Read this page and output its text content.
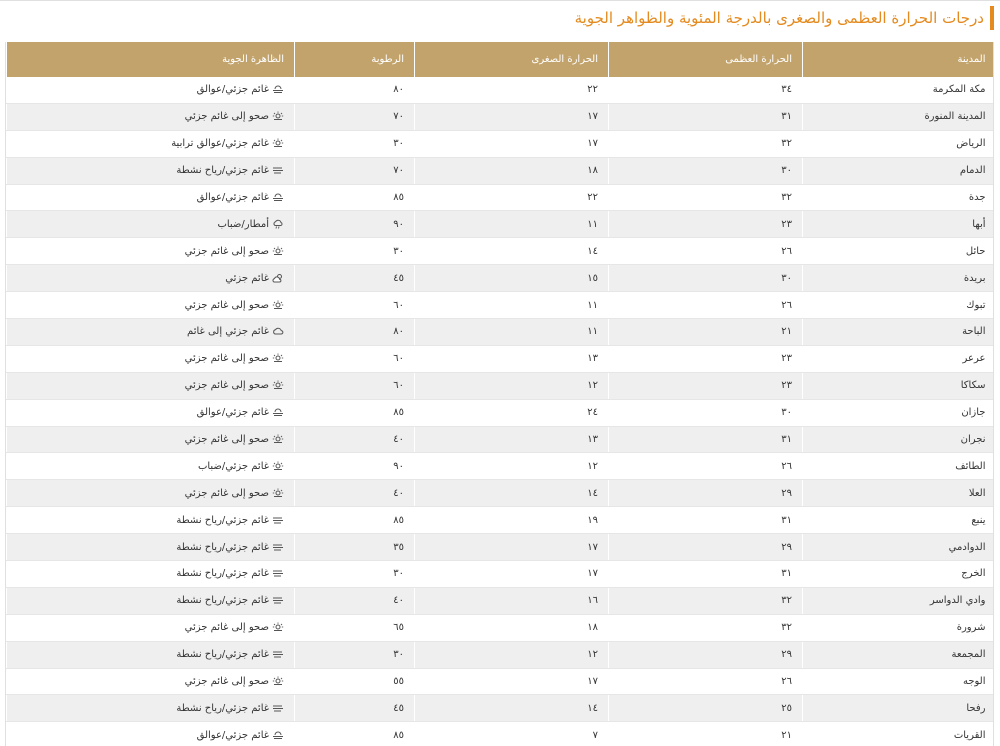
درجات الحرارة العظمى والصغرى بالدرجة المئوية والظواهر الجوية
المدينة	الحرارة العظمى	الحرارة الصغرى	الرطوبة	الظاهرة الجوية
مكة المكرمة	٣٤	٢٢	٨٠	غائم جزئي/عوالق
المدينة المنورة	٣١	١٧	٧٠	صحو إلى غائم جزئي
الرياض	٣٢	١٧	٣٠	غائم جزئي/عوالق ترابية
الدمام	٣٠	١٨	٧٠	غائم جزئي/رياح نشطة
جدة	٣٢	٢٢	٨٥	غائم جزئي/عوالق
أبها	٢٣	١١	٩٠	أمطار/ضباب
حائل	٢٦	١٤	٣٠	صحو إلى غائم جزئي
بريدة	٣٠	١٥	٤٥	غائم جزئي
تبوك	٢٦	١١	٦٠	صحو إلى غائم جزئي
الباحة	٢١	١١	٨٠	غائم جزئي إلى غائم
عرعر	٢٣	١٣	٦٠	صحو إلى غائم جزئي
سكاكا	٢٣	١٢	٦٠	صحو إلى غائم جزئي
جازان	٣٠	٢٤	٨٥	غائم جزئي/عوالق
نجران	٣١	١٣	٤٠	صحو إلى غائم جزئي
الطائف	٢٦	١٢	٩٠	غائم جزئي/ضباب
العلا	٢٩	١٤	٤٠	صحو إلى غائم جزئي
ينبع	٣١	١٩	٨٥	غائم جزئي/رياح نشطة
الدوادمي	٢٩	١٧	٣٥	غائم جزئي/رياح نشطة
الخرج	٣١	١٧	٣٠	غائم جزئي/رياح نشطة
وادي الدواسر	٣٢	١٦	٤٠	غائم جزئي/رياح نشطة
شرورة	٣٢	١٨	٦٥	صحو إلى غائم جزئي
المجمعة	٢٩	١٢	٣٠	غائم جزئي/رياح نشطة
الوجه	٢٦	١٧	٥٥	صحو إلى غائم جزئي
رفحا	٢٥	١٤	٤٥	غائم جزئي/رياح نشطة
القريات	٢١	٧	٨٥	غائم جزئي/عوالق
